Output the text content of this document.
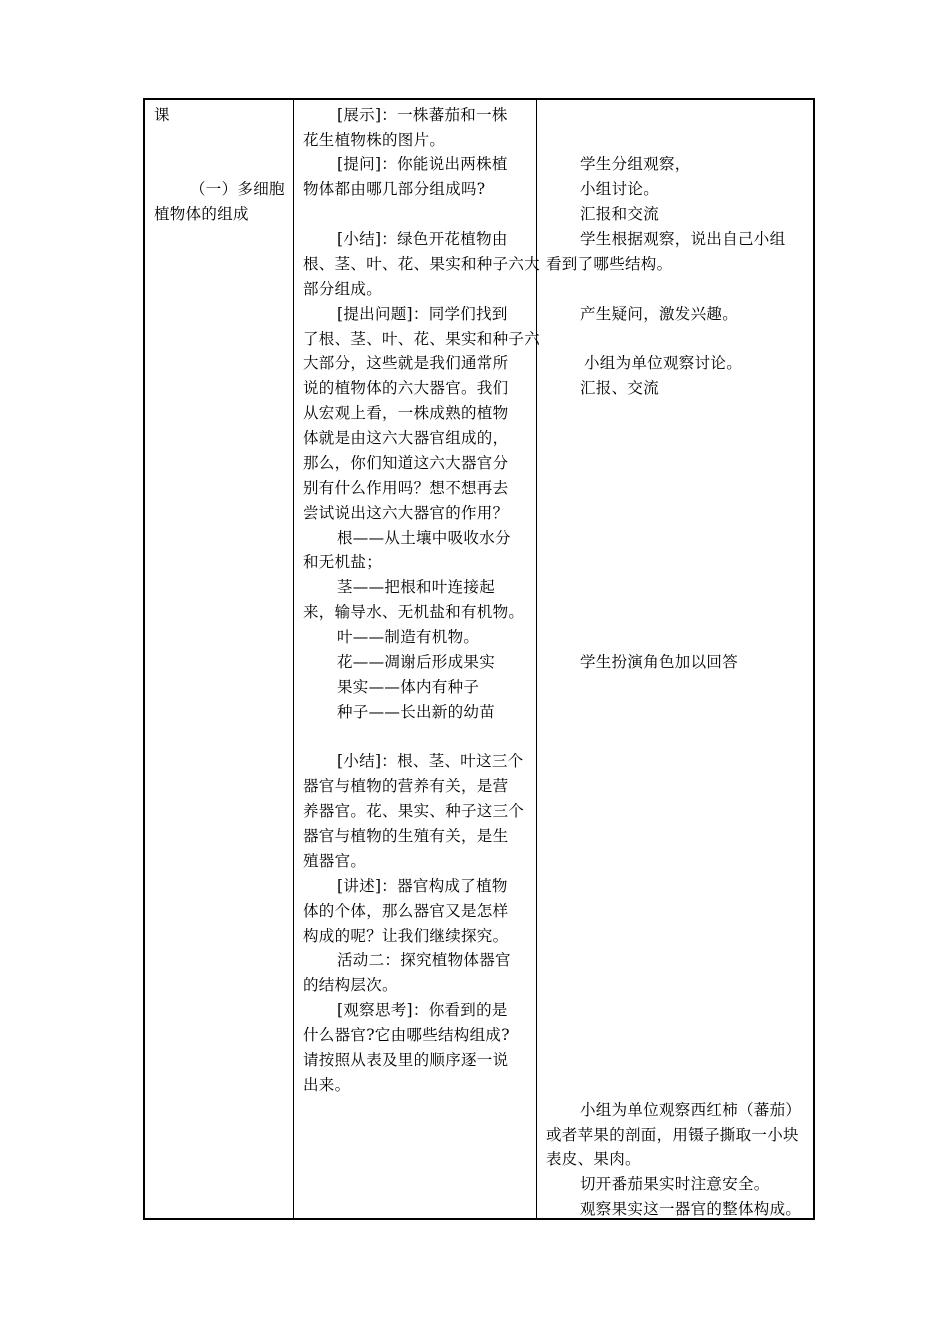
课
（一）多细胞
植物体的组成
[展示]：一株蕃茄和一株
花生植物株的图片。
[提问]：你能说出两株植
物体都由哪几部分组成吗?
[小结]：绿色开花植物由
根、茎、叶、花、果实和种子六大
部分组成。
[提出问题]：同学们找到
了根、茎、叶、花、果实和种子六
大部分，这些就是我们通常所
说的植物体的六大器官。我们
从宏观上看，一株成熟的植物
体就是由这六大器官组成的，
那么，你们知道这六大器官分
别有什么作用吗？想不想再去
尝试说出这六大器官的作用？
根——从土壤中吸收水分
和无机盐；
茎——把根和叶连接起
来，输导水、无机盐和有机物。
叶——制造有机物。
花——凋谢后形成果实
果实——体内有种子
种子——长出新的幼苗
[小结]：根、茎、叶这三个
器官与植物的营养有关，是营
养器官。花、果实、种子这三个
器官与植物的生殖有关，是生
殖器官。
[讲述]：器官构成了植物
体的个体，那么器官又是怎样
构成的呢？让我们继续探究。
活动二：探究植物体器官
的结构层次。
[观察思考]：你看到的是
什么器官?它由哪些结构组成?
请按照从表及里的顺序逐一说
出来。
学生分组观察，
小组讨论。
汇报和交流
学生根据观察，说出自己小组
看到了哪些结构。
产生疑问，激发兴趣。
小组为单位观察讨论。
汇报、交流
学生扮演角色加以回答
小组为单位观察西红柿（蕃茄）
或者苹果的剖面，用镊子撕取一小块
表皮、果肉。
切开番茄果实时注意安全。
观察果实这一器官的整体构成。
